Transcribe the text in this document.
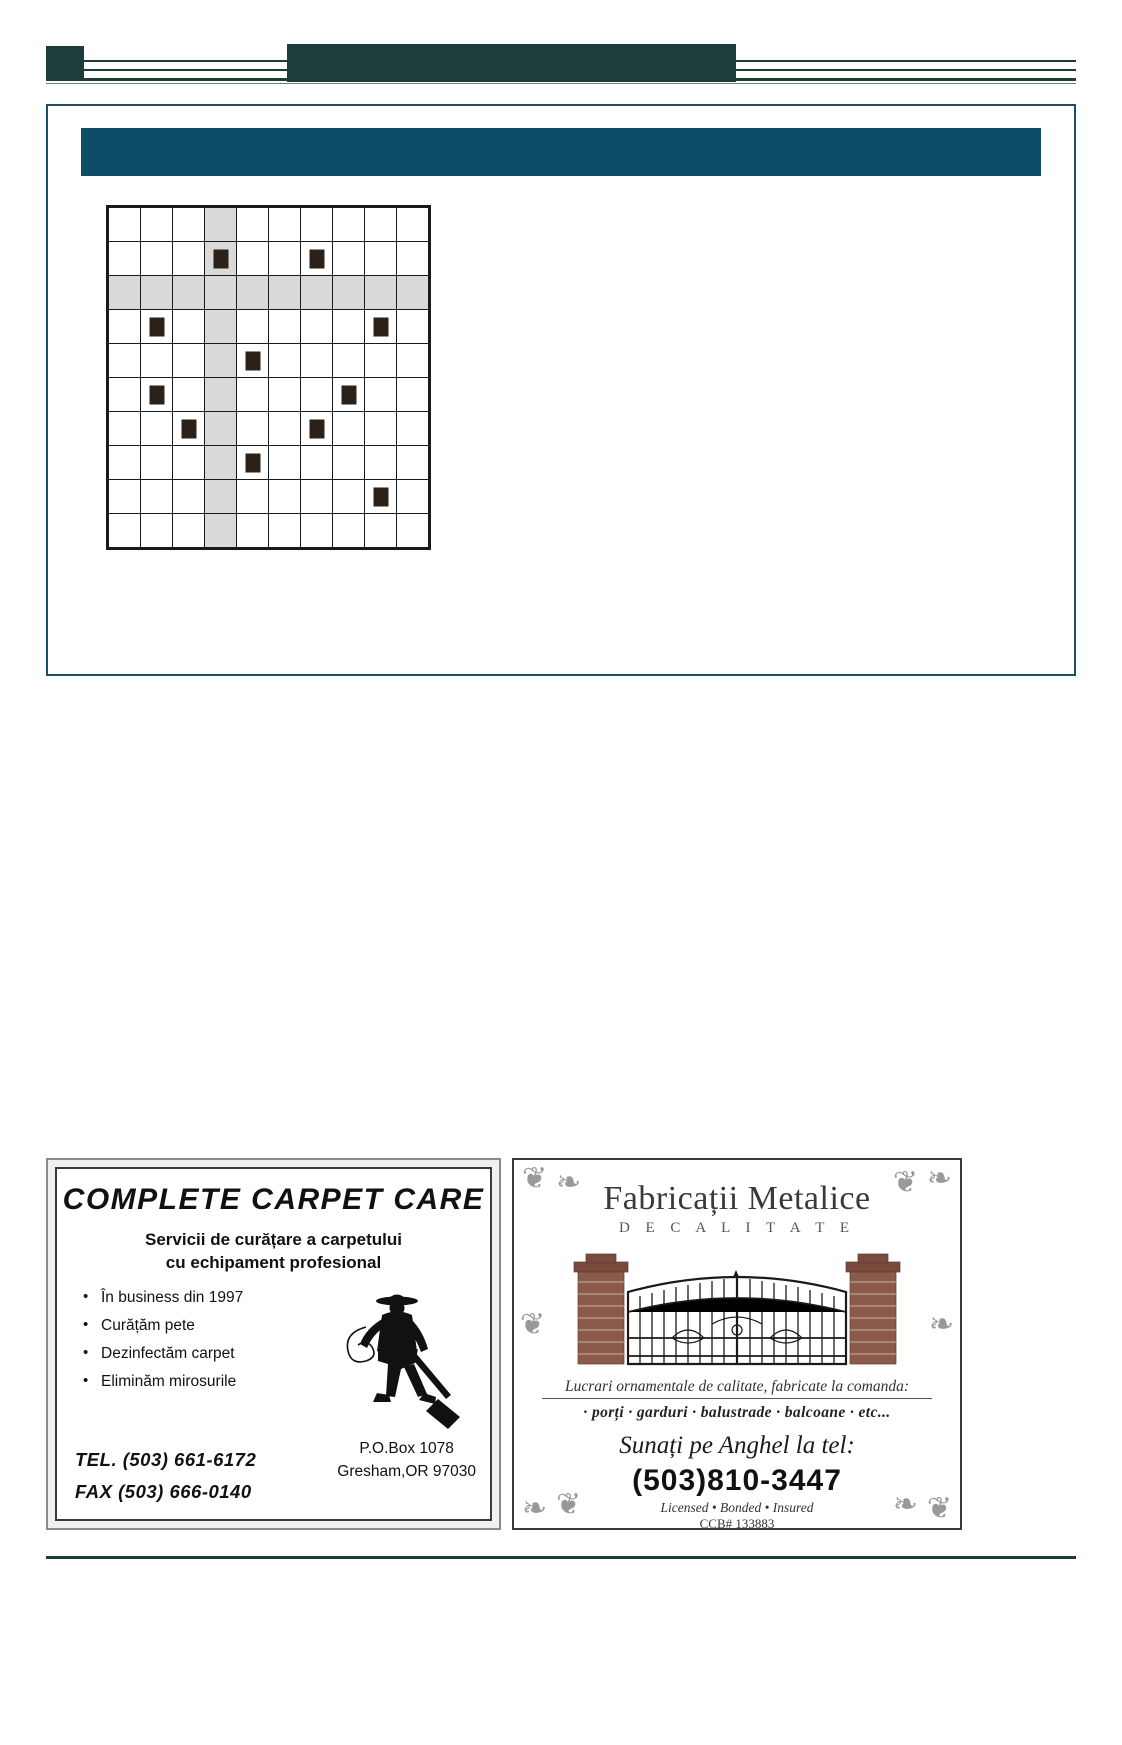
COMPLETE CARPET CARE
Servicii de curățare a carpetului
cu echipament profesional
• În business din 1997
• Curățăm pete
• Dezinfectăm carpet
• Eliminăm mirosurile
TEL. (503) 661-6172
FAX (503) 666-0140
P.O.Box 1078
Gresham,OR 97030
❦ ❧	❧
❦
❧ ❦	❦
❧
❦	❧
Fabricații Metalice
D E C A L I T A T E
Lucrari ornamentale de calitate, fabricate la comanda:
· porți · garduri · balustrade · balcoane · etc...
Sunați pe Anghel la tel:
(503)810-3447
Licensed • Bonded • Insured
CCB# 133883
